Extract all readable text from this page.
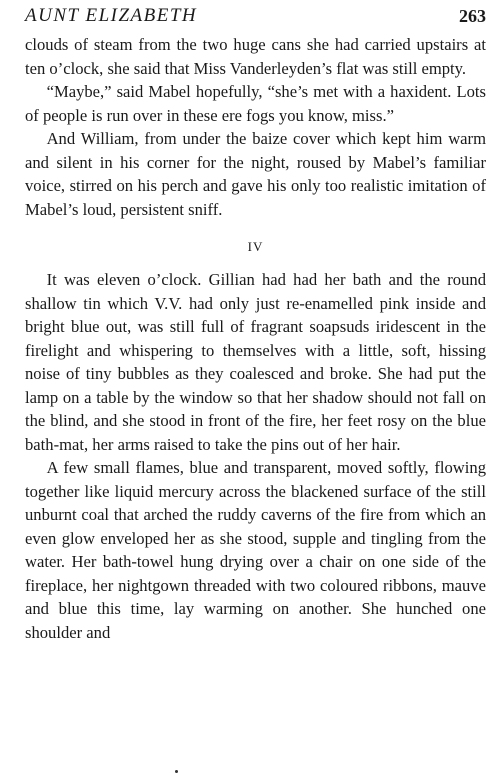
AUNT ELIZABETH	263

clouds of steam from the two huge cans she had carried upstairs at ten o’clock, she said that Miss Vanderleyden’s flat was still empty.

“Maybe,” said Mabel hopefully, “she’s met with a haxident. Lots of people is run over in these ere fogs you know, miss.”

And William, from under the baize cover which kept him warm and silent in his corner for the night, roused by Mabel’s familiar voice, stirred on his perch and gave his only too realistic imitation of Mabel’s loud, persistent sniff.

IV

It was eleven o’clock. Gillian had had her bath and the round shallow tin which V.V. had only just re-enamelled pink inside and bright blue out, was still full of fragrant soapsuds iridescent in the firelight and whispering to themselves with a little, soft, hissing noise of tiny bubbles as they coalesced and broke. She had put the lamp on a table by the window so that her shadow should not fall on the blind, and she stood in front of the fire, her feet rosy on the blue bath-mat, her arms raised to take the pins out of her hair.

A few small flames, blue and transparent, moved softly, flowing together like liquid mercury across the blackened surface of the still unburnt coal that arched the ruddy caverns of the fire from which an even glow enveloped her as she stood, supple and tingling from the water. Her bath-towel hung drying over a chair on one side of the fireplace, her nightgown threaded with two coloured ribbons, mauve and blue this time, lay warming on another. She hunched one shoulder and
